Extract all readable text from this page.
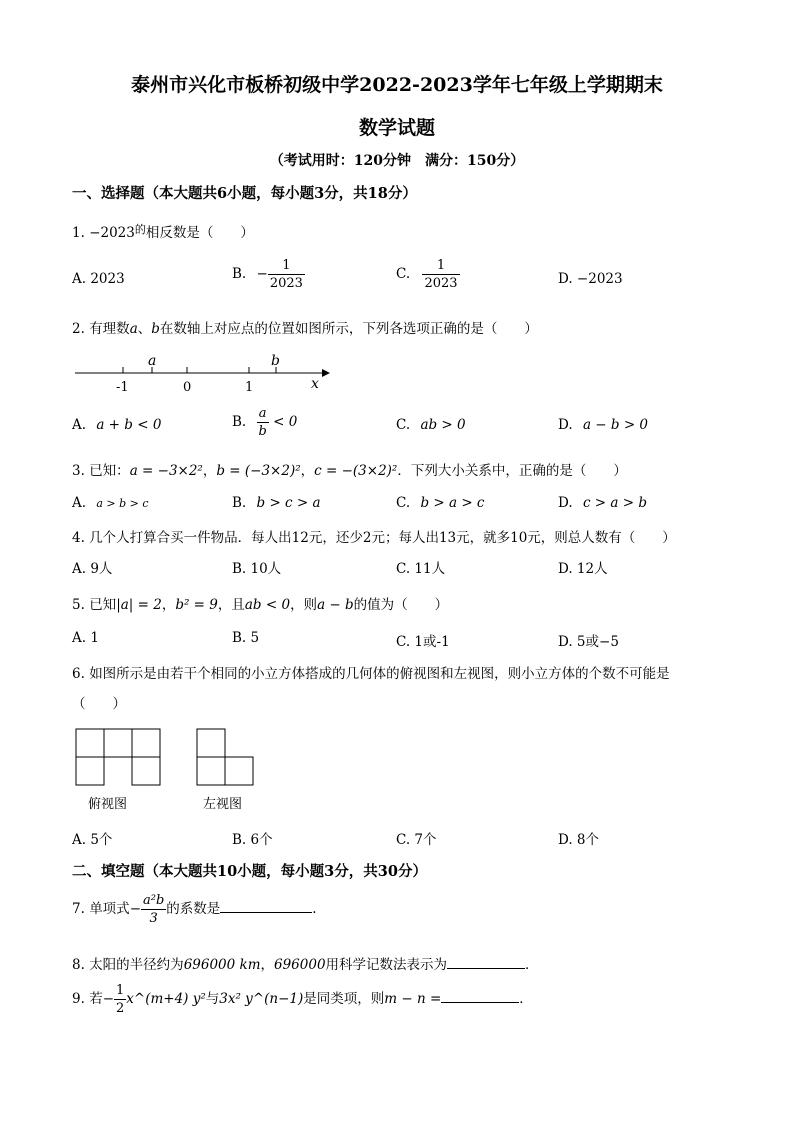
泰州市兴化市板桥初级中学2022-2023学年七年级上学期期末
数学试题
（考试用时：120分钟　满分：150分）
一、选择题（本大题共6小题，每小题3分，共18分）
1. $-2023^的$相反数是（　　）
A. 2023	B. − $\frac{1}{2023}$	C. $\frac{1}{2023}$	D. −2023
2. 有理数a、b在数轴上对应点的位置如图所示，下列各选项正确的是（　　）
a	b
-1	0	1	x
A. a + b < 0	B. $\frac{a}{b} < 0$	C. ab > 0	D. a − b > 0
3. 已知：a = −3×2²，b = (−3×2)²，c = −(3×2)²．下列大小关系中，正确的是（　　）
A. a > b > c	B. b > c > a	C. b > a > c	D. c > a > b
4. 几个人打算合买一件物品．每人出12元，还少2元；每人出13元，就多10元，则总人数有（　　）
A. 9人	B. 10人	C. 11人	D. 12人
5. 已知|a| = 2，b² = 9，且ab < 0，则a − b的值为（　　）
A. 1	B. 5	C. 1或-1	D. 5或−5
6. 如图所示是由若干个相同的小立方体搭成的几何体的俯视图和左视图，则小立方体的个数不可能是
（　　）
俯视图	左视图
A. 5个	B. 6个	C. 7个	D. 8个
二、填空题（本大题共10小题，每小题3分，共30分）
7. 单项式− $\frac{\text{a²b}}{3}$ 的系数是	.
8. 太阳的半径约为696000 km，696000用科学记数法表示为	．
9. 若− $\frac{1}{2}$ x^(m+4) y²与3x² y^(n−1)是同类项，则m − n =	．
